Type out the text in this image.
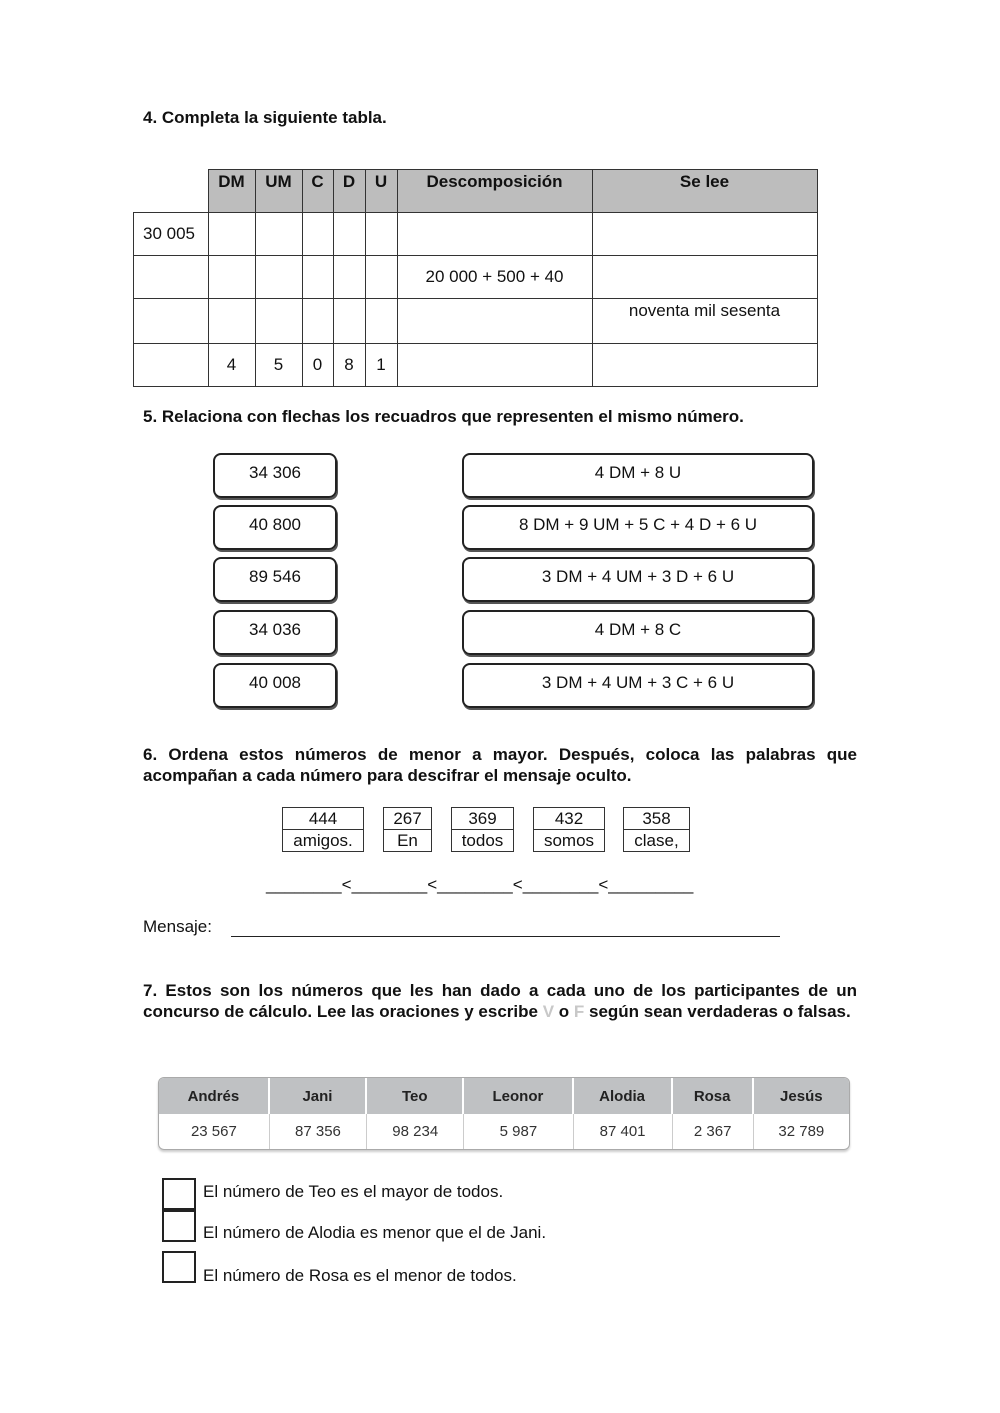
4. Completa la siguiente tabla.
	DM	UM	C	D	U	Descomposición	Se lee
30 005							
						20 000 + 500 + 40	
							noventa mil sesenta
	4	5	0	8	1		
5. Relaciona con flechas los recuadros que representen el mismo número.
34 306
40 800
89 546
34 036
40 008
4 DM + 8 U
8 DM + 9 UM + 5 C + 4 D + 6 U
3 DM + 4 UM + 3 D + 6 U
4 DM + 8 C
3 DM + 4 UM + 3 C + 6 U
6. Ordena estos números de menor a mayor. Después, coloca las palabras que acompañan a cada número para descifrar el mensaje oculto.
444
amigos.
267
En
369
todos
432
somos
358
clase,
________<________<________<________<_________
Mensaje:
7. Estos son los números que les han dado a cada uno de los participantes de un concurso de cálculo. Lee las oraciones y escribe V o F según sean verdaderas o falsas.
Andrés	Jani	Teo	Leonor	Alodia	Rosa	Jesús
23 567	87 356	98 234	5 987	87 401	2 367	32 789
El número de Teo es el mayor de todos.
El número de Alodia es menor que el de Jani.
El número de Rosa es el menor de todos.
